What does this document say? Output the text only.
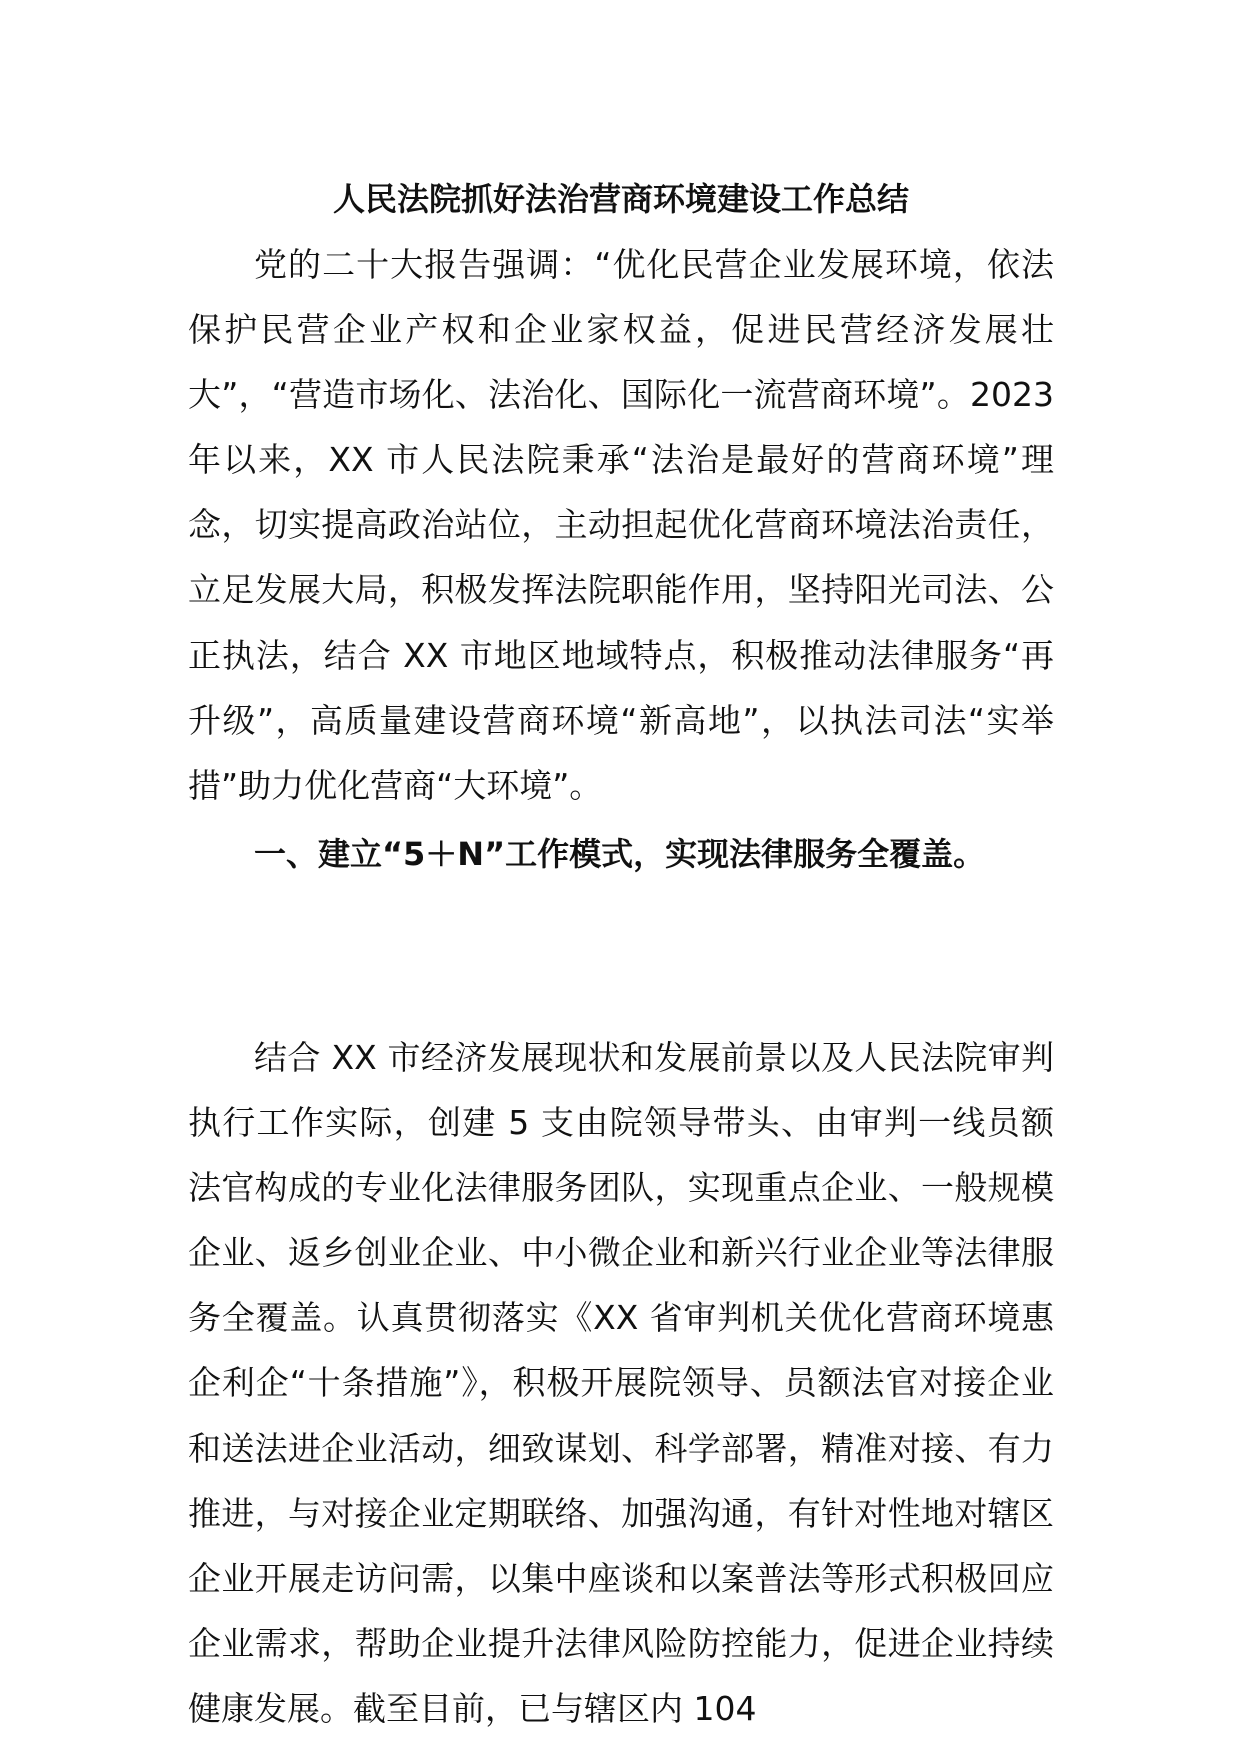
人民法院抓好法治营商环境建设工作总结

党的二十大报告强调：“优化民营企业发展环境，依法保护民营企业产权和企业家权益，促进民营经济发展壮大”，“营造市场化、法治化、国际化一流营商环境”。2023 年以来，XX 市人民法院秉承“法治是最好的营商环境”理念，切实提高政治站位，主动担起优化营商环境法治责任，立足发展大局，积极发挥法院职能作用，坚持阳光司法、公正执法，结合 XX 市地区地域特点，积极推动法律服务“再升级”，高质量建设营商环境“新高地”，以执法司法“实举措”助力优化营商“大环境”。

一、建立“5＋N”工作模式，实现法律服务全覆盖。

结合 XX 市经济发展现状和发展前景以及人民法院审判执行工作实际，创建 5 支由院领导带头、由审判一线员额法官构成的专业化法律服务团队，实现重点企业、一般规模企业、返乡创业企业、中小微企业和新兴行业企业等法律服务全覆盖。认真贯彻落实《XX 省审判机关优化营商环境惠企利企“十条措施”》，积极开展院领导、员额法官对接企业和送法进企业活动，细致谋划、科学部署，精准对接、有力推进，与对接企业定期联络、加强沟通，有针对性地对辖区企业开展走访问需，以集中座谈和以案普法等形式积极回应企业需求，帮助企业提升法律风险防控能力，促进企业持续健康发展。截至目前，已与辖区内 104
